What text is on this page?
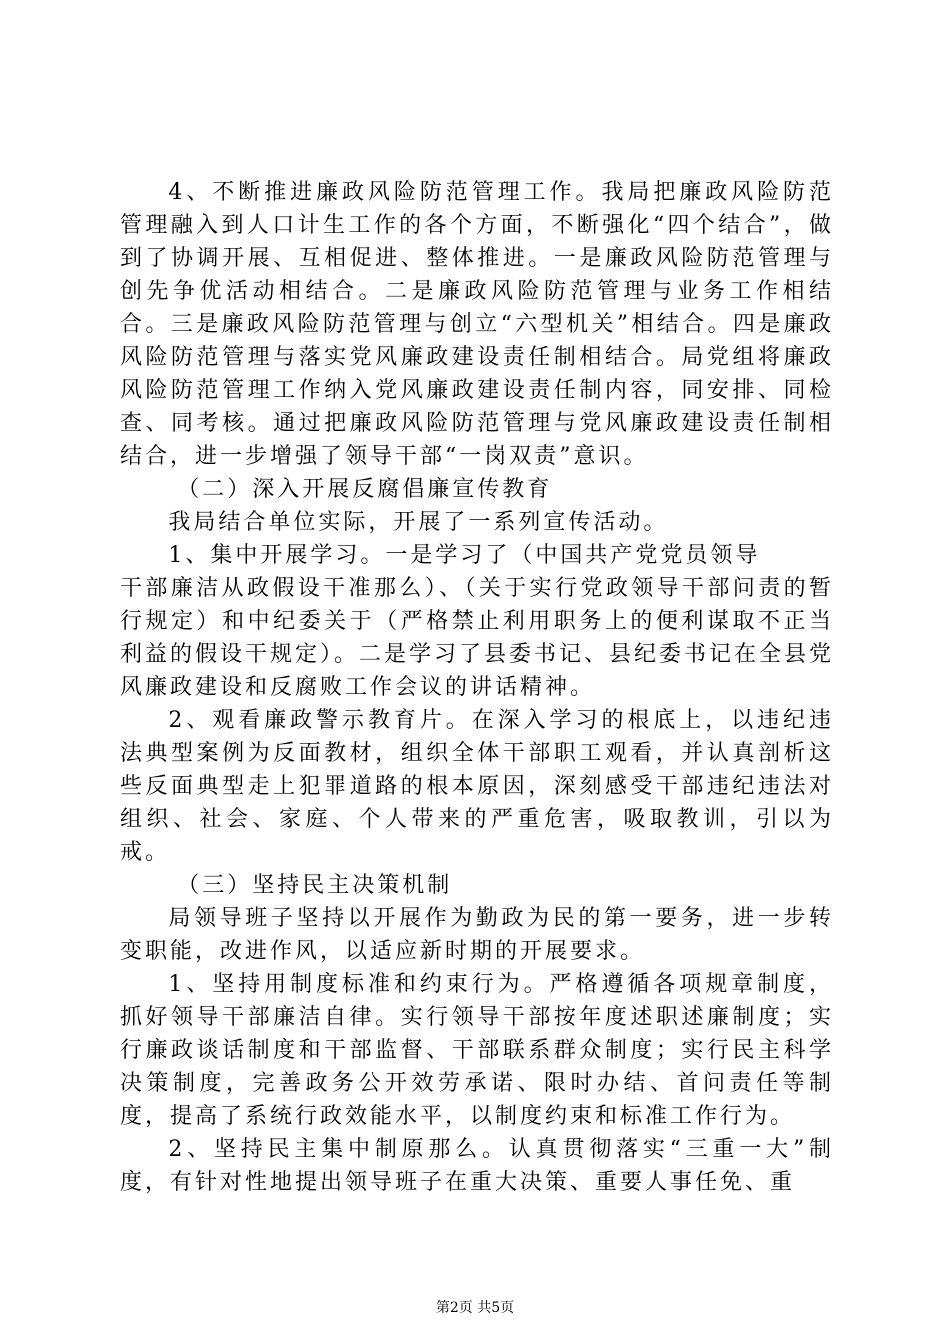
4、不断推进廉政风险防范管理工作。我局把廉政风险防范管理融入到人口计生工作的各个方面，不断强化“四个结合”，做到了协调开展、互相促进、整体推进。一是廉政风险防范管理与创先争优活动相结合。二是廉政风险防范管理与业务工作相结合。三是廉政风险防范管理与创立“六型机关”相结合。四是廉政风险防范管理与落实党风廉政建设责任制相结合。局党组将廉政风险防范管理工作纳入党风廉政建设责任制内容，同安排、同检查、同考核。通过把廉政风险防范管理与党风廉政建设责任制相结合，进一步增强了领导干部“一岗双责”意识。

（二）深入开展反腐倡廉宣传教育

我局结合单位实际，开展了一系列宣传活动。

1、集中开展学习。一是学习了（中国共产党党员领导

干部廉洁从政假设干准那么）、（关于实行党政领导干部问责的暂行规定）和中纪委关于（严格禁止利用职务上的便利谋取不正当利益的假设干规定）。二是学习了县委书记、县纪委书记在全县党风廉政建设和反腐败工作会议的讲话精神。

2、观看廉政警示教育片。在深入学习的根底上，以违纪违法典型案例为反面教材，组织全体干部职工观看，并认真剖析这些反面典型走上犯罪道路的根本原因，深刻感受干部违纪违法对组织、社会、家庭、个人带来的严重危害，吸取教训，引以为戒。

（三）坚持民主决策机制

局领导班子坚持以开展作为勤政为民的第一要务，进一步转变职能，改进作风，以适应新时期的开展要求。

1、坚持用制度标准和约束行为。严格遵循各项规章制度，抓好领导干部廉洁自律。实行领导干部按年度述职述廉制度；实行廉政谈话制度和干部监督、干部联系群众制度；实行民主科学决策制度，完善政务公开效劳承诺、限时办结、首问责任等制度，提高了系统行政效能水平，以制度约束和标准工作行为。

2、坚持民主集中制原那么。认真贯彻落实“三重一大”制度，有针对性地提出领导班子在重大决策、重要人事任免、重

第2页 共5页
